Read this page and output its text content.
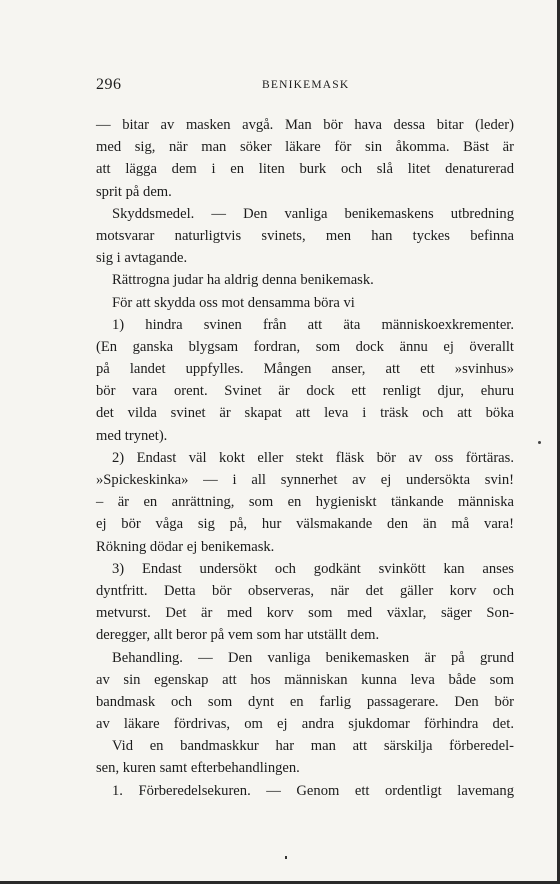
296	BENIKEMASK
— bitar av masken avgå. Man bör hava dessa bitar (leder)
med sig, när man söker läkare för sin åkomma. Bäst är
att lägga dem i en liten burk och slå litet denaturerad
sprit på dem.
Skyddsmedel. — Den vanliga benikemaskens utbredning
motsvarar naturligtvis svinets, men han tyckes befinna
sig i avtagande.
Rättrogna judar ha aldrig denna benikemask.
För att skydda oss mot densamma böra vi
1) hindra svinen från att äta människoexkrementer.
(En ganska blygsam fordran, som dock ännu ej överallt
på landet uppfylles. Mången anser, att ett »svinhus»
bör vara orent. Svinet är dock ett renligt djur, ehuru
det vilda svinet är skapat att leva i träsk och att böka
med trynet).
2) Endast väl kokt eller stekt fläsk bör av oss förtäras.
»Spickeskinka» — i all synnerhet av ej undersökta svin!
– är en anrättning, som en hygieniskt tänkande människa
ej bör våga sig på, hur välsmakande den än må vara!
Rökning dödar ej benikemask.
3) Endast undersökt och godkänt svinkött kan anses
dyntfritt. Detta bör observeras, när det gäller korv och
metvurst. Det är med korv som med växlar, säger Son-
deregger, allt beror på vem som har utställt dem.
Behandling. — Den vanliga benikemasken är på grund
av sin egenskap att hos människan kunna leva både som
bandmask och som dynt en farlig passagerare. Den bör
av läkare fördrivas, om ej andra sjukdomar förhindra det.
Vid en bandmaskkur har man att särskilja förberedel-
sen, kuren samt efterbehandlingen.
1. Förberedelsekuren. — Genom ett ordentligt lavemang
